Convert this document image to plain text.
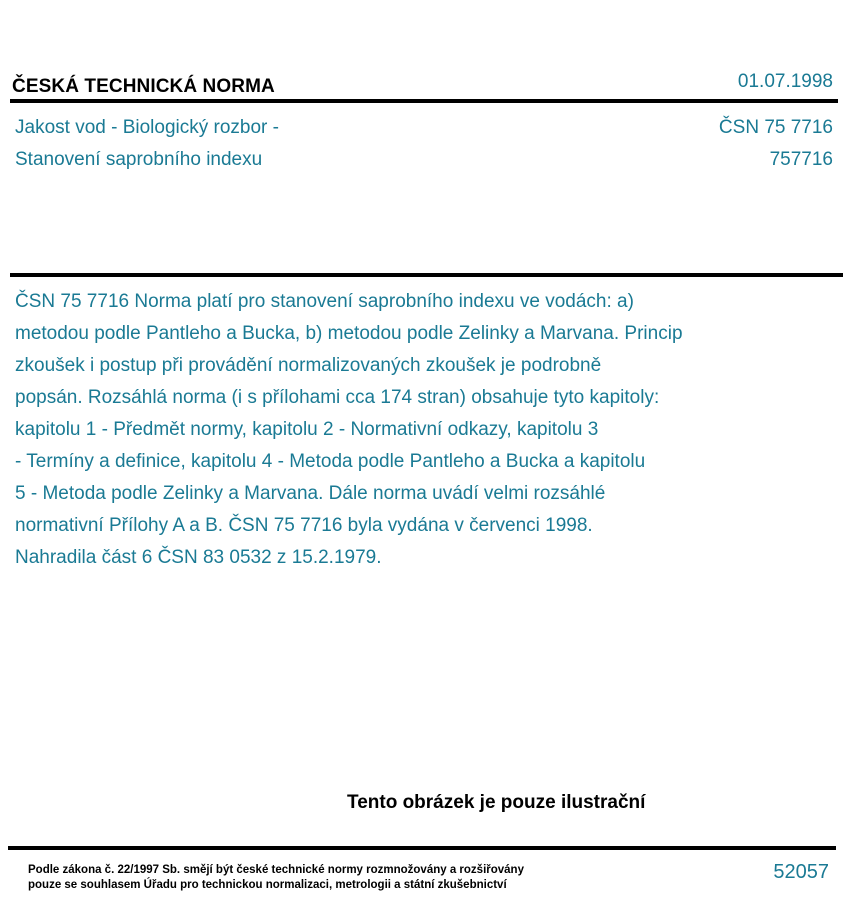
ČESKÁ TECHNICKÁ NORMA	01.07.1998
Jakost vod - Biologický rozbor -
Stanovení saprobního indexu
ČSN 75 7716
757716
ČSN 75 7716 Norma platí pro stanovení saprobního indexu ve vodách: a)
metodou podle Pantleho a Bucka, b) metodou podle Zelinky a Marvana. Princip
zkoušek i postup při provádění normalizovaných zkoušek je podrobně
popsán. Rozsáhlá norma (i s přílohami cca 174 stran) obsahuje tyto kapitoly:
kapitolu 1 - Předmět normy, kapitolu 2 - Normativní odkazy, kapitolu 3
- Termíny a definice, kapitolu 4 - Metoda podle Pantleho a Bucka a kapitolu
5 - Metoda podle Zelinky a Marvana. Dále norma uvádí velmi rozsáhlé
normativní Přílohy A a B. ČSN 75 7716 byla vydána v červenci 1998.
Nahradila část 6 ČSN 83 0532 z 15.2.1979.
Tento obrázek je pouze ilustrační
Podle zákona č. 22/1997 Sb. smějí být české technické normy rozmnožovány a rozšiřovány
pouze se souhlasem Úřadu pro technickou normalizaci, metrologii a státní zkušebnictví
52057
